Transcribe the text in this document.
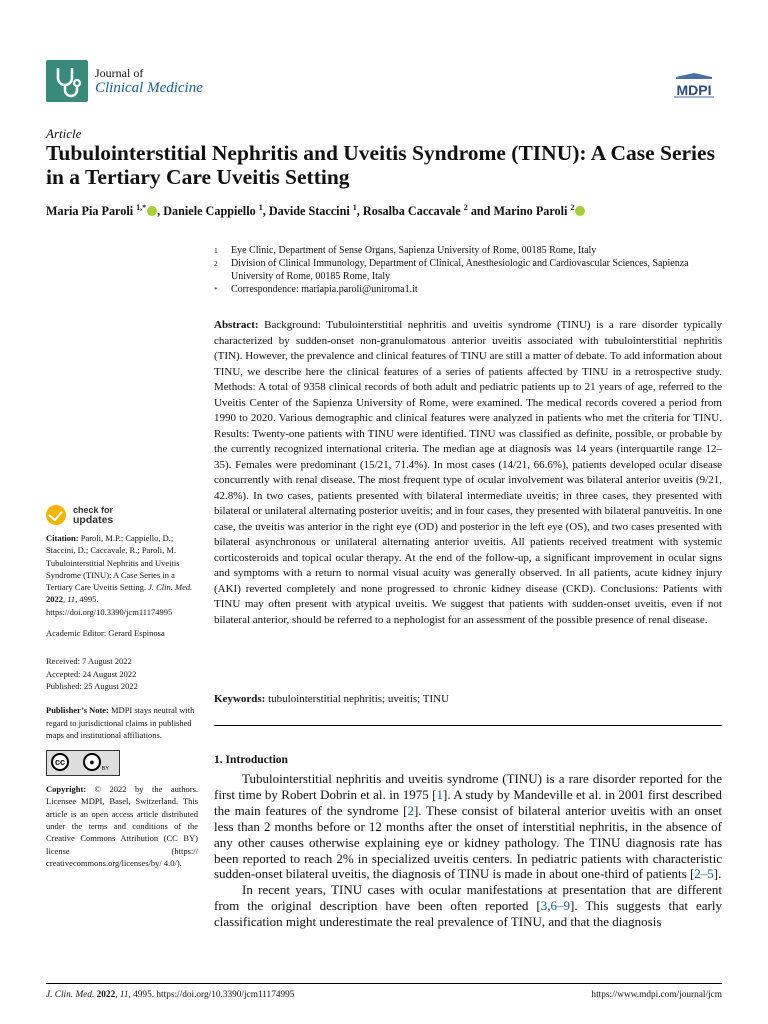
Journal of
Clinical Medicine	MDPI
Article
Tubulointerstitial Nephritis and Uveitis Syndrome (TINU): A Case Series in a Tertiary Care Uveitis Setting
Maria Pia Paroli $^{1,*}$ , Daniele Cappiello $^1$, Davide Staccini $^1$, Rosalba Caccavale $^2$ and Marino Paroli $^2$
1	Eye Clinic, Department of Sense Organs, Sapienza University of Rome, 00185 Rome, Italy
2	Division of Clinical Immunology, Department of Clinical, Anesthesiologic and Cardiovascular Sciences, Sapienza University of Rome, 00185 Rome, Italy
*	Correspondence: mariapia.paroli@uniroma1.it
Abstract: Background: Tubulointerstitial nephritis and uveitis syndrome (TINU) is a rare disorder typically characterized by sudden-onset non-granulomatous anterior uveitis associated with tubulointerstitial nephritis (TIN). However, the prevalence and clinical features of TINU are still a matter of debate. To add information about TINU, we describe here the clinical features of a series of patients affected by TINU in a retrospective study. Methods: A total of 9358 clinical records of both adult and pediatric patients up to 21 years of age, referred to the Uveitis Center of the Sapienza University of Rome, were examined. The medical records covered a period from 1990 to 2020. Various demographic and clinical features were analyzed in patients who met the criteria for TINU. Results: Twenty-one patients with TINU were identified. TINU was classified as definite, possible, or probable by the currently recognized international criteria. The median age at diagnosis was 14 years (interquartile range 12–35). Females were predominant (15/21, 71.4%). In most cases (14/21, 66.6%), patients developed ocular disease concurrently with renal disease. The most frequent type of ocular involvement was bilateral anterior uveitis (9/21, 42.8%). In two cases, patients presented with bilateral intermediate uveitis; in three cases, they presented with bilateral or unilateral alternating posterior uveitis; and in four cases, they presented with bilateral panuveitis. In one case, the uveitis was anterior in the right eye (OD) and posterior in the left eye (OS), and two cases presented with bilateral asynchronous or unilateral alternating anterior uveitis. All patients received treatment with systemic corticosteroids and topical ocular therapy. At the end of the follow-up, a significant improvement in ocular signs and symptoms with a return to normal visual acuity was generally observed. In all patients, acute kidney injury (AKI) reverted completely and none progressed to chronic kidney disease (CKD). Conclusions: Patients with TINU may often present with atypical uveitis. We suggest that patients with sudden-onset uveitis, even if not bilateral anterior, should be referred to a nephologist for an assessment of the possible presence of renal disease.
Keywords: tubulointerstitial nephritis; uveitis; TINU
check for
updates

Citation: Paroli, M.P.; Cappiello, D.; Staccini, D.; Caccavale, R.; Paroli, M. Tubulointerstitial Nephritis and Uveitis Syndrome (TINU): A Case Series in a Tertiary Care Uveitis Setting. J. Clin. Med. 2022, 11, 4995. https://doi.org/10.3390/jcm11174995

Academic Editor: Gerard Espinosa

Received: 7 August 2022
Accepted: 24 August 2022
Published: 25 August 2022

Publisher’s Note: MDPI stays neutral with regard to jurisdictional claims in published maps and institutional affiliations.

cc	●
BY

Copyright: © 2022 by the authors. Licensee MDPI, Basel, Switzerland. This article is an open access article distributed under the terms and conditions of the Creative Commons Attribution (CC BY) license (https:// creativecommons.org/licenses/by/ 4.0/).

1. Introduction

Tubulointerstitial nephritis and uveitis syndrome (TINU) is a rare disorder reported for the first time by Robert Dobrin et al. in 1975 [1]. A study by Mandeville et al. in 2001 first described the main features of the syndrome [2]. These consist of bilateral anterior uveitis with an onset less than 2 months before or 12 months after the onset of interstitial nephritis, in the absence of any other causes otherwise explaining eye or kidney pathology. The TINU diagnosis rate has been reported to reach 2% in specialized uveitis centers. In pediatric patients with characteristic sudden-onset bilateral uveitis, the diagnosis of TINU is made in about one-third of patients [2–5].

In recent years, TINU cases with ocular manifestations at presentation that are different from the original description have been often reported [3,6–9]. This suggests that early classification might underestimate the real prevalence of TINU, and that the diagnosis

J. Clin. Med. 2022, 11, 4995. https://doi.org/10.3390/jcm11174995	https://www.mdpi.com/journal/jcm
